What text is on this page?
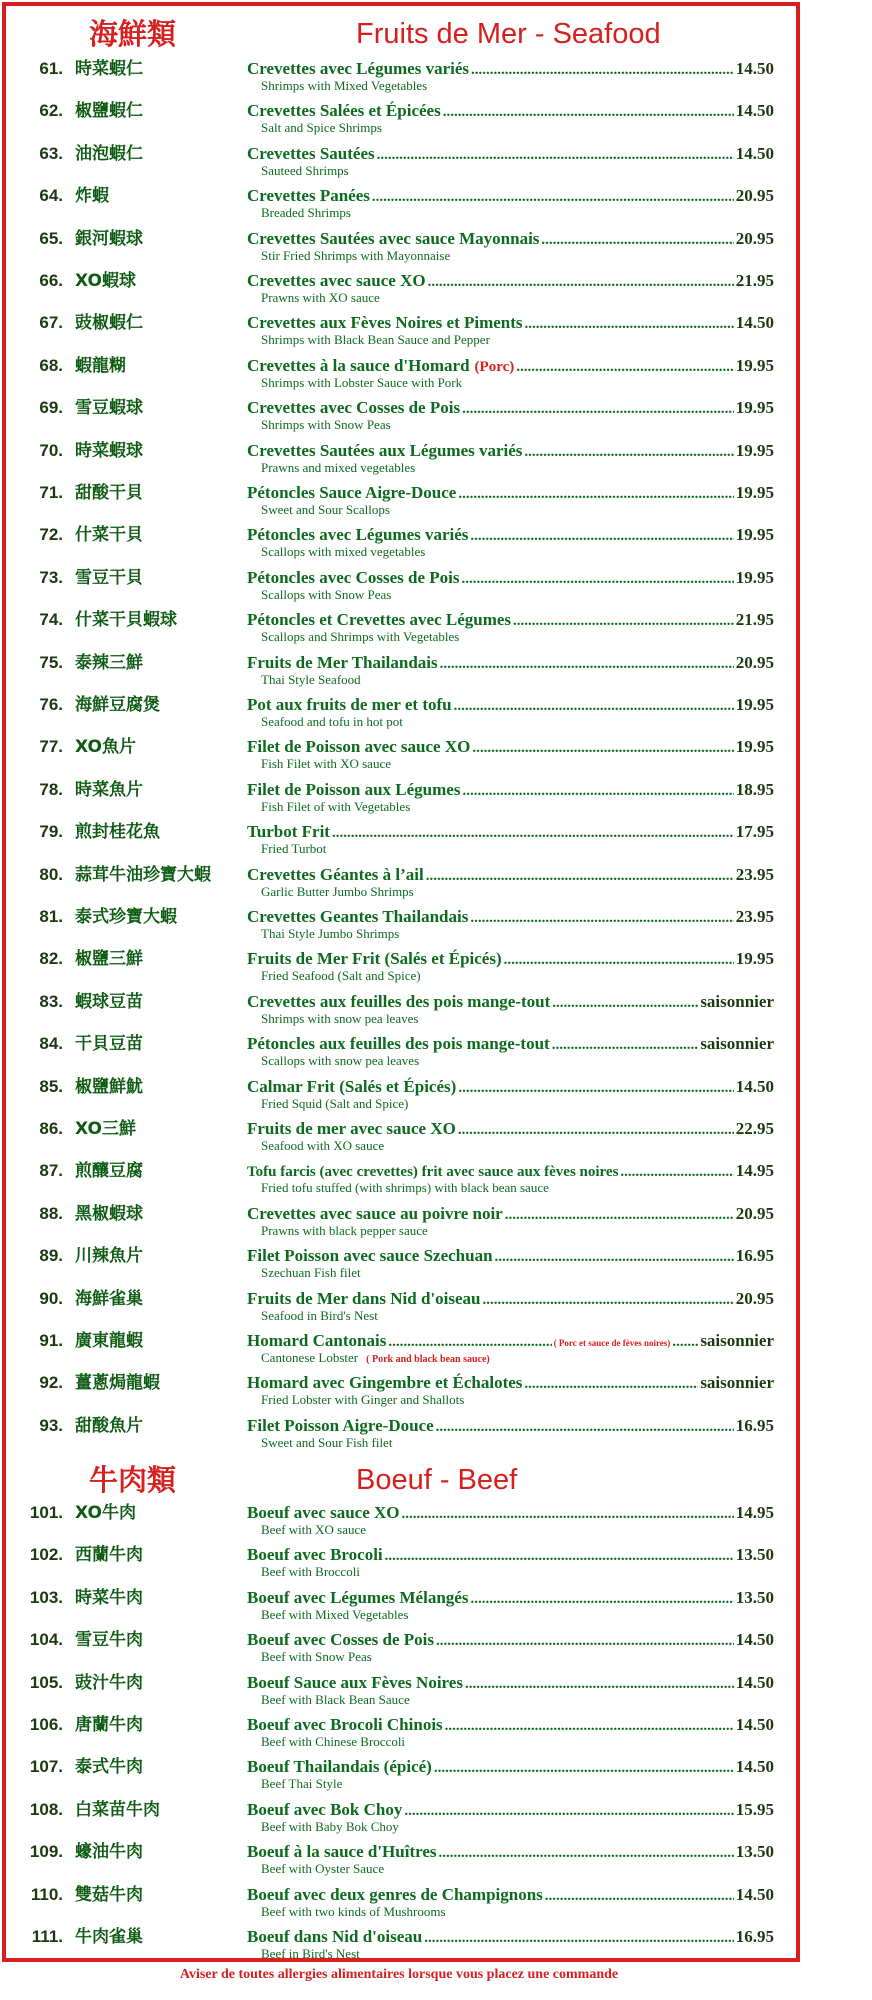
海鮮類	Fruits de Mer - Seafood
61. 時菜蝦仁	Crevettes avec Légumes variés .....	14.50
Shrimps with Mixed Vegetables
62. 椒鹽蝦仁	Crevettes Salées et Épicées .....	14.50
Salt and Spice Shrimps
63. 油泡蝦仁	Crevettes Sautées .....	14.50
Sauteed Shrimps
64. 炸蝦	Crevettes Panées .....	20.95
Breaded Shrimps
65. 銀河蝦球	Crevettes Sautées avec sauce Mayonnais .....	20.95
Stir Fried Shrimps with Mayonnaise
66. XO蝦球	Crevettes avec sauce XO .....	21.95
Prawns with XO sauce
67. 豉椒蝦仁	Crevettes aux Fèves Noires et Piments .....	14.50
Shrimps with Black Bean Sauce and Pepper
68. 蝦龍糊	Crevettes à la sauce d'Homard (Porc) .....	19.95
Shrimps with Lobster Sauce with Pork
69. 雪豆蝦球	Crevettes avec Cosses de Pois .....	19.95
Shrimps with Snow Peas
70. 時菜蝦球	Crevettes Sautées aux Légumes variés .....	19.95
Prawns and mixed vegetables
71. 甜酸干貝	Pétoncles Sauce Aigre-Douce .....	19.95
Sweet and Sour Scallops
72. 什菜干貝	Pétoncles avec Légumes variés .....	19.95
Scallops with mixed vegetables
73. 雪豆干貝	Pétoncles avec Cosses de Pois .....	19.95
Scallops with Snow Peas
74. 什菜干貝蝦球	Pétoncles et Crevettes avec Légumes .....	21.95
Scallops and Shrimps with Vegetables
75. 泰辣三鮮	Fruits de Mer Thailandais .....	20.95
Thai Style Seafood
76. 海鮮豆腐煲	Pot aux fruits de mer et tofu .....	19.95
Seafood and tofu in hot pot
77. XO魚片	Filet de Poisson avec sauce XO .....	19.95
Fish Filet with XO sauce
78. 時菜魚片	Filet de Poisson aux Légumes .....	18.95
Fish Filet of with Vegetables
79. 煎封桂花魚	Turbot Frit .....	17.95
Fried Turbot
80. 蒜茸牛油珍寶大蝦 Crevettes Géantes à l’ail .....	23.95
Garlic Butter Jumbo Shrimps
81. 泰式珍寶大蝦	Crevettes Geantes Thailandais .....	23.95
Thai Style Jumbo Shrimps
82. 椒鹽三鮮	Fruits de Mer Frit (Salés et Épicés) .....	19.95
Fried Seafood (Salt and Spice)
83. 蝦球豆苗	Crevettes aux feuilles des pois mange-tout .....	saisonnier
Shrimps with snow pea leaves
84. 干貝豆苗	Pétoncles aux feuilles des pois mange-tout .....	saisonnier
Scallops with snow pea leaves
85. 椒鹽鮮魷	Calmar Frit (Salés et Épicés) .....	14.50
Fried Squid (Salt and Spice)
86. XO三鮮	Fruits de mer avec sauce XO .....	22.95
Seafood with XO sauce
87. 煎釀豆腐	Tofu farcis (avec crevettes) frit avec sauce aux fèves noires .....	14.95
Fried tofu stuffed (with shrimps) with black bean sauce
88. 黑椒蝦球	Crevettes avec sauce au poivre noir .....	20.95
Prawns with black pepper sauce
89. 川辣魚片	Filet Poisson avec sauce Szechuan .....	16.95
Szechuan Fish filet
90. 海鮮雀巢	Fruits de Mer dans Nid d'oiseau .....	20.95
Seafood in Bird's Nest
91. 廣東龍蝦	Homard Cantonais .....	( Porc et sauce de fèves noires) ..... saisonnier
Cantonese Lobster ( Pork and black bean sauce)
92. 薑蔥焗龍蝦	Homard avec Gingembre et Échalotes .....	saisonnier
Fried Lobster with Ginger and Shallots
93. 甜酸魚片	Filet Poisson Aigre-Douce .....	16.95
Sweet and Sour Fish filet
牛肉類	Boeuf - Beef
101. XO牛肉	Boeuf avec sauce XO .....	14.95
Beef with XO sauce
102. 西蘭牛肉	Boeuf avec Brocoli .....	13.50
Beef with Broccoli
103. 時菜牛肉	Boeuf avec Légumes Mélangés .....	13.50
Beef with Mixed Vegetables
104. 雪豆牛肉	Boeuf avec Cosses de Pois .....	14.50
Beef with Snow Peas
105. 豉汁牛肉	Boeuf Sauce aux Fèves Noires .....	14.50
Beef with Black Bean Sauce
106. 唐蘭牛肉	Boeuf avec Brocoli Chinois .....	14.50
Beef with Chinese Broccoli
107. 泰式牛肉	Boeuf Thailandais (épicé) .....	14.50
Beef Thai Style
108. 白菜苗牛肉	Boeuf avec Bok Choy .....	15.95
Beef with Baby Bok Choy
109. 蠔油牛肉	Boeuf à la sauce d'Huîtres .....	13.50
Beef with Oyster Sauce
110. 雙菇牛肉	Boeuf avec deux genres de Champignons .....	14.50
Beef with two kinds of Mushrooms
111. 牛肉雀巢	Boeuf dans Nid d'oiseau .....	16.95
Beef in Bird's Nest
Aviser de toutes allergies alimentaires lorsque vous placez une commande
